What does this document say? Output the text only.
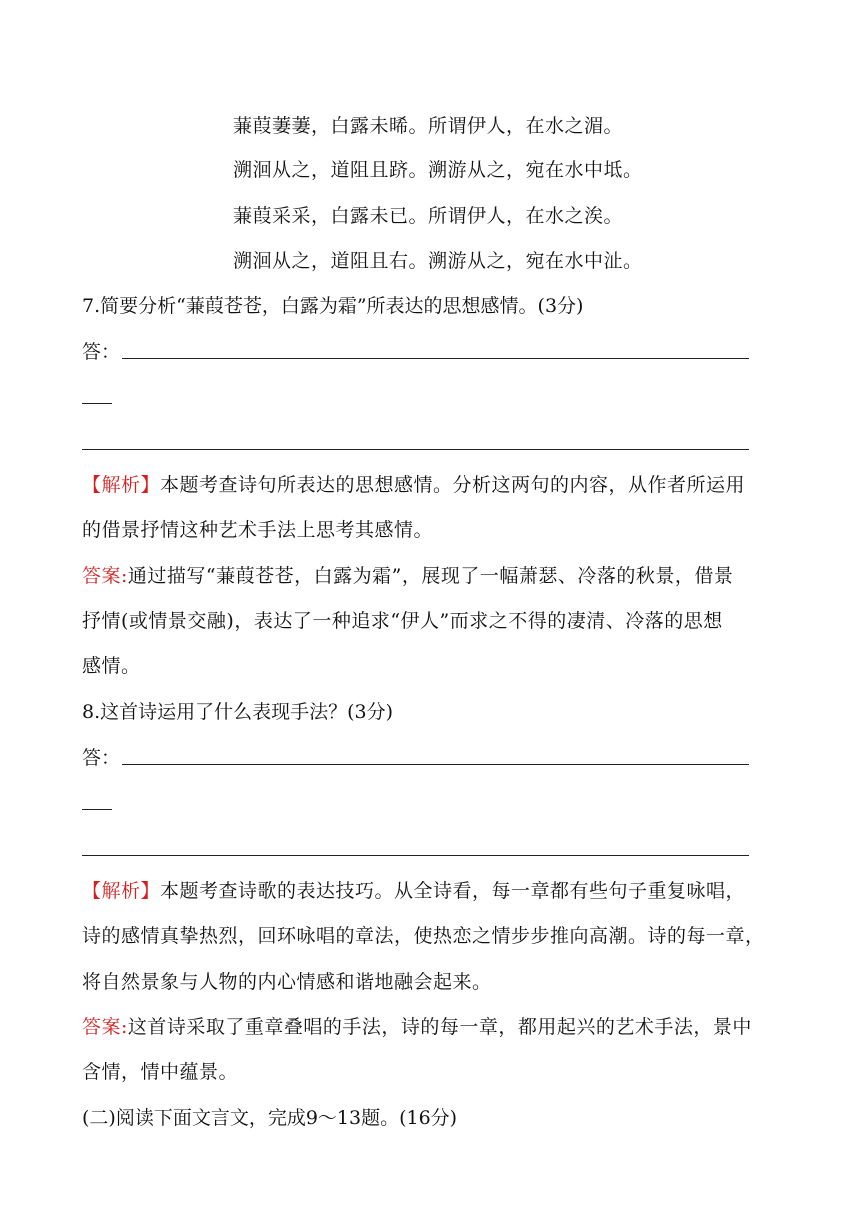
蒹葭萋萋，白露未晞。所谓伊人，在水之湄。
溯洄从之，道阻且跻。溯游从之，宛在水中坻。
蒹葭采采，白露未已。所谓伊人，在水之涘。
溯洄从之，道阻且右。溯游从之，宛在水中沚。
7.简要分析“蒹葭苍苍，白露为霜”所表达的思想感情。(3分)
答：
【解析】本题考查诗句所表达的思想感情。分析这两句的内容，从作者所运用
的借景抒情这种艺术手法上思考其感情。
答案:通过描写“蒹葭苍苍，白露为霜”，展现了一幅萧瑟、冷落的秋景，借景
抒情(或情景交融)，表达了一种追求“伊人”而求之不得的凄清、冷落的思想
感情。
8.这首诗运用了什么表现手法？(3分)
答：
【解析】本题考查诗歌的表达技巧。从全诗看，每一章都有些句子重复咏唱，
诗的感情真挚热烈，回环咏唱的章法，使热恋之情步步推向高潮。诗的每一章，
将自然景象与人物的内心情感和谐地融会起来。
答案:这首诗采取了重章叠唱的手法，诗的每一章，都用起兴的艺术手法，景中
含情，情中蕴景。
(二)阅读下面文言文，完成9～13题。(16分)
